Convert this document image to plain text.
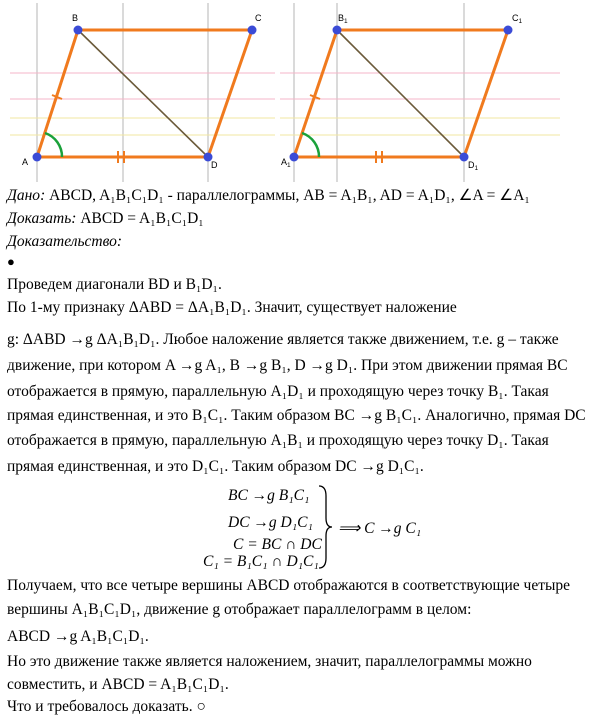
A
B	C
D	$A_1$
$B_1$	$C_1$
$D_1$
Дано: ABCD, A₁B₁C₁D₁ - параллелограммы, AB = A₁B₁, AD = A₁D₁, ∠A = ∠A₁
Доказать: ABCD = A₁B₁C₁D₁
Доказательство:
●
Проведем диагонали BD и B₁D₁.
По 1-му признаку ΔABD = ΔA₁B₁D₁. Значит, существует наложение
g: ΔABD →g ΔA₁B₁D₁. Любое наложение является также движением, т.е. g – также
движение, при котором A →g A₁, B →g B₁, D →g D₁. При этом движении прямая BC
отображается в прямую, параллельную A₁D₁ и проходящую через точку B₁. Такая
прямая единственная, и это B₁C₁. Таким образом BC →g B₁C₁. Аналогично, прямая DC
отображается в прямую, параллельную A₁B₁ и проходящую через точку D₁. Такая
прямая единственная, и это D₁C₁. Таким образом DC →g D₁C₁.
BC →g B₁C₁
DC →g D₁C₁
C = BC ∩ DC
C₁ = B₁C₁ ∩ D₁C₁
⟹ C →g C₁
Получаем, что все четыре вершины ABCD отображаются в соответствующие четыре
вершины A₁B₁C₁D₁, движение g отображает параллелограмм в целом:
ABCD →g A₁B₁C₁D₁.
Но это движение также является наложением, значит, параллелограммы можно
совместить, и ABCD = A₁B₁C₁D₁.
Что и требовалось доказать. ○
